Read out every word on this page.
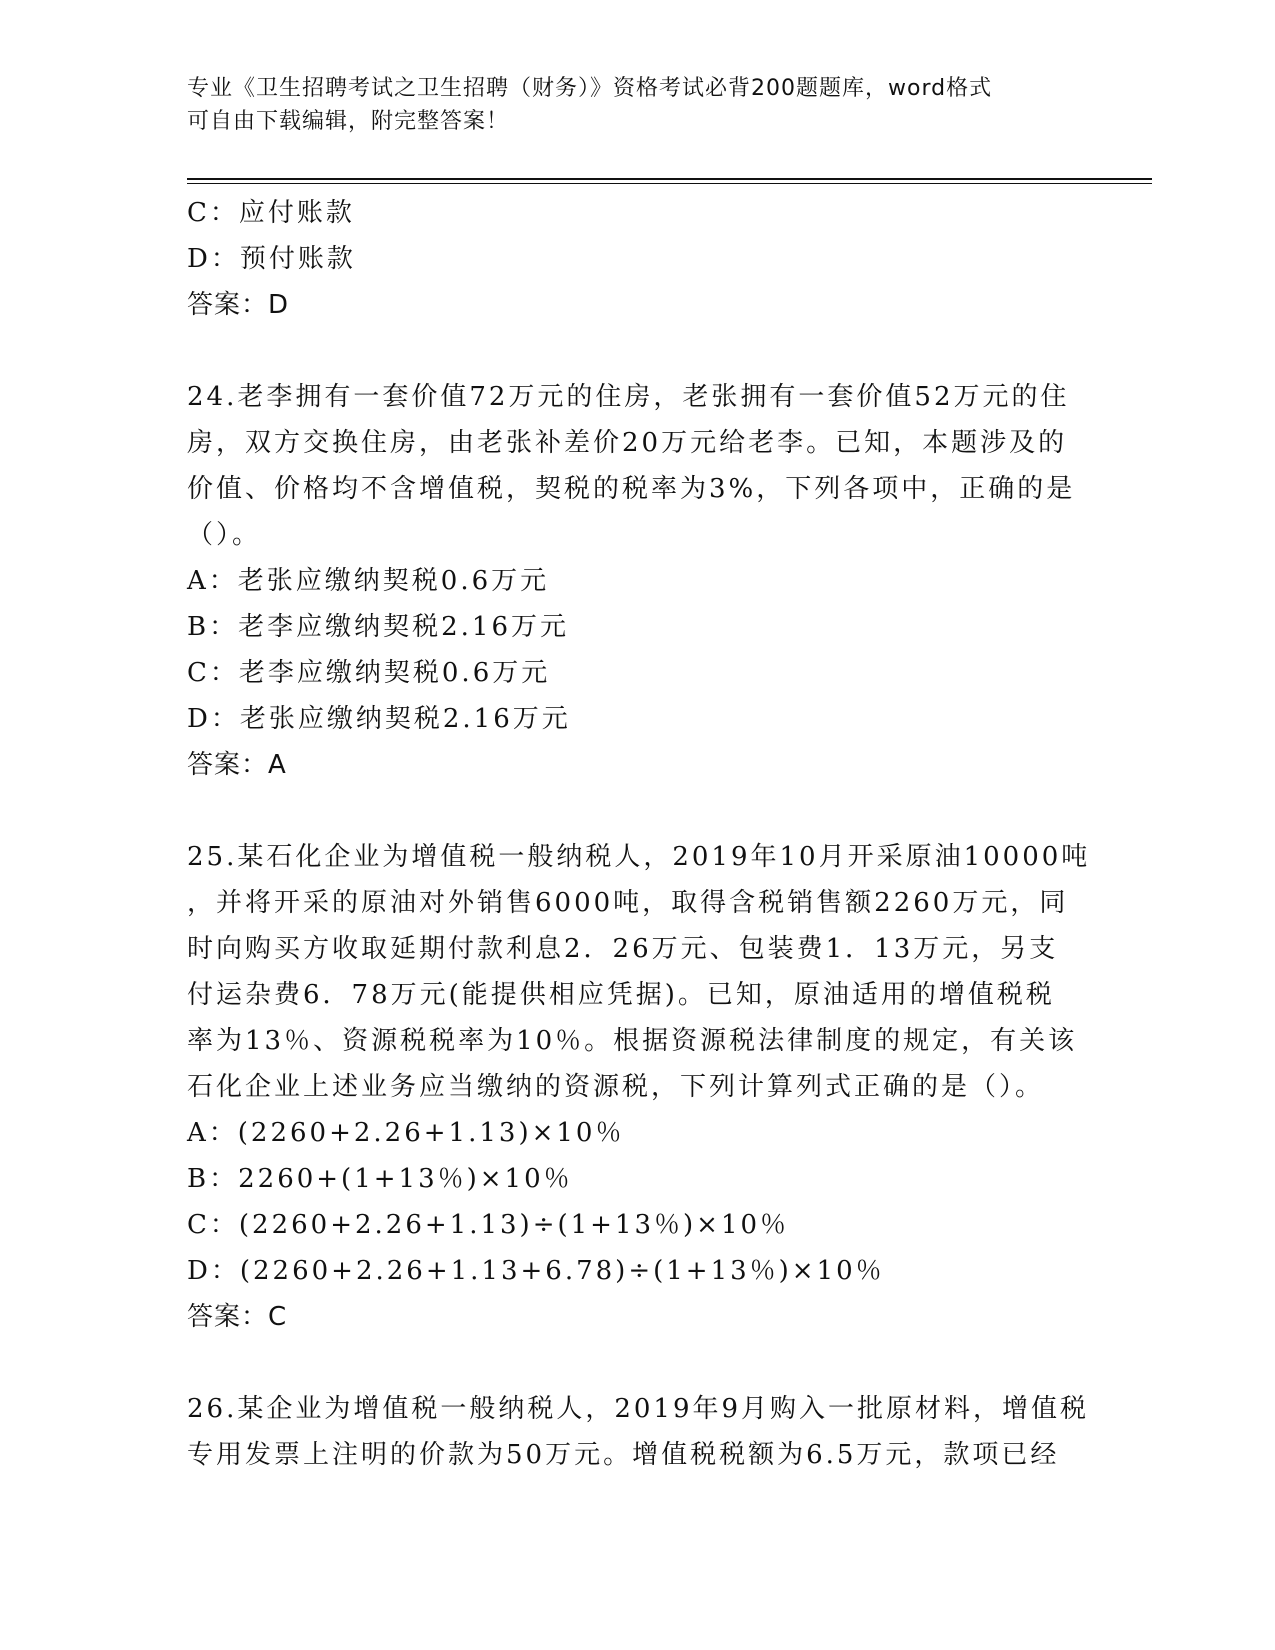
专业《卫生招聘考试之卫生招聘（财务）》资格考试必背200题题库，word格式
可自由下载编辑，附完整答案！
C：应付账款
D：预付账款
答案：D
24.老李拥有一套价值72万元的住房，老张拥有一套价值52万元的住
房，双方交换住房，由老张补差价20万元给老李。已知，本题涉及的
价值、价格均不含增值税，契税的税率为3%，下列各项中，正确的是
（）。
A：老张应缴纳契税0.6万元
B：老李应缴纳契税2.16万元
C：老李应缴纳契税0.6万元
D：老张应缴纳契税2.16万元
答案：A
25.某石化企业为增值税一般纳税人，2019年10月开采原油10000吨
，并将开采的原油对外销售6000吨，取得含税销售额2260万元，同
时向购买方收取延期付款利息2．26万元、包装费1．13万元，另支
付运杂费6．78万元(能提供相应凭据)。已知，原油适用的增值税税
率为13％、资源税税率为10％。根据资源税法律制度的规定，有关该
石化企业上述业务应当缴纳的资源税，下列计算列式正确的是（）。
A：(2260+2.26+1.13)×10％
B：2260+(1+13％)×10％
C：(2260+2.26+1.13)÷(1+13％)×10％
D：(2260+2.26+1.13+6.78)÷(1+13％)×10％
答案：C
26.某企业为增值税一般纳税人，2019年9月购入一批原材料，增值税
专用发票上注明的价款为50万元。增值税税额为6.5万元，款项已经
